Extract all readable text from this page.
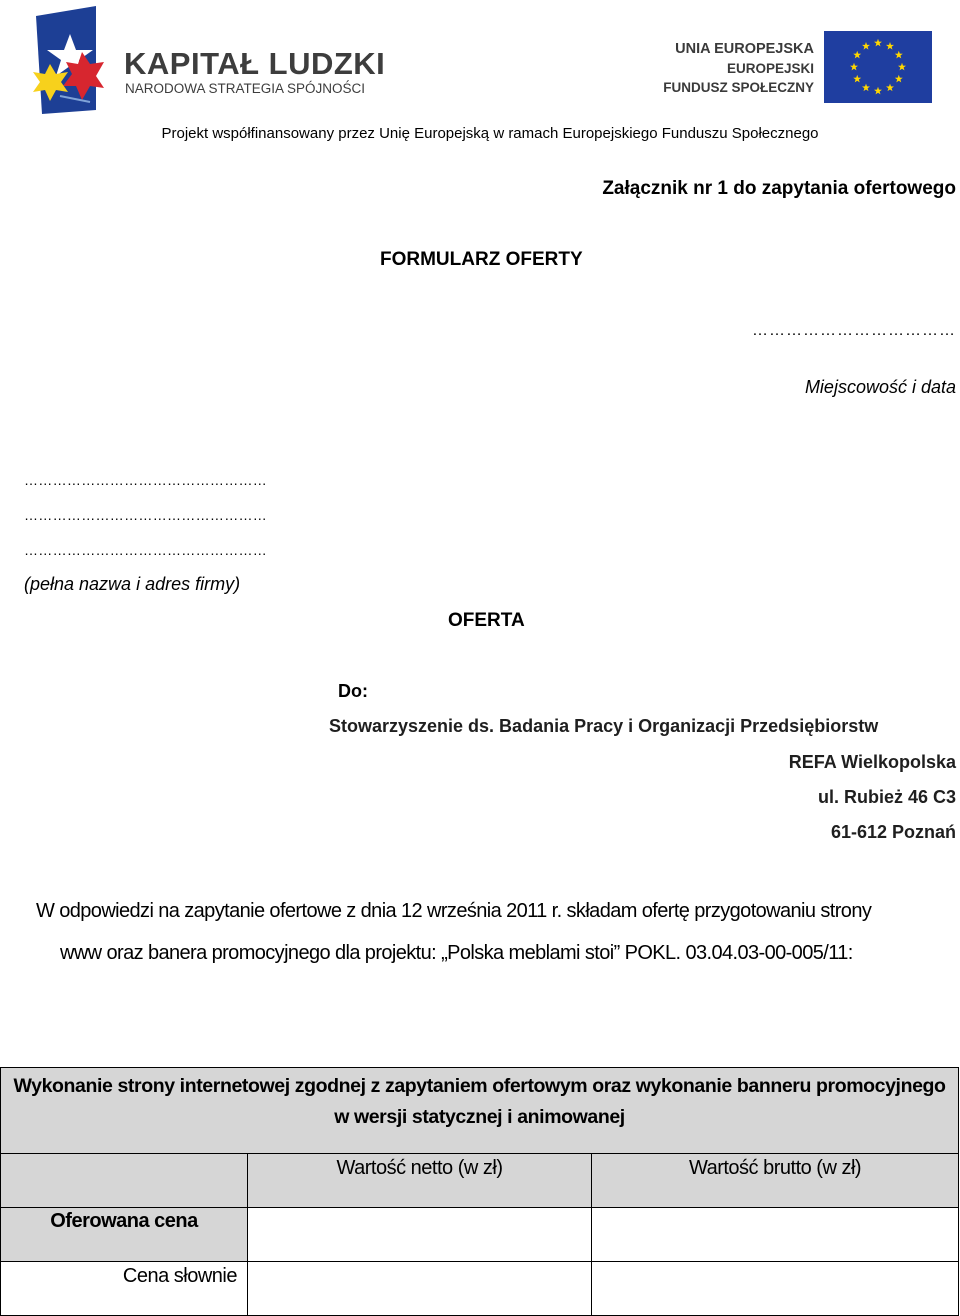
KAPITAŁ LUDZKI
NARODOWA STRATEGIA SPÓJNOŚCI
UNIA EUROPEJSKA
EUROPEJSKI
FUNDUSZ SPOŁECZNY
Projekt współfinansowany przez Unię Europejską w ramach Europejskiego Funduszu Społecznego
Załącznik nr 1 do zapytania ofertowego
FORMULARZ OFERTY
………………………………
Miejscowość i data
……………………………………………
……………………………………………
……………………………………………
(pełna nazwa i adres firmy)
OFERTA
Do:
Stowarzyszenie ds. Badania Pracy i Organizacji Przedsiębiorstw
REFA Wielkopolska
ul. Rubież 46 C3
61-612 Poznań
W odpowiedzi na zapytanie ofertowe z dnia 12 września 2011 r. składam ofertę przygotowaniu strony
www oraz banera promocyjnego dla projektu: „Polska meblami stoi” POKL. 03.04.03-00-005/11:
Wykonanie strony internetowej zgodnej z zapytaniem ofertowym oraz wykonanie banneru promocyjnego
w wersji statycznej i animowanej		

	Wartość netto (w zł)	Wartość brutto (w zł)
Oferowana cena		
Cena słownie		
